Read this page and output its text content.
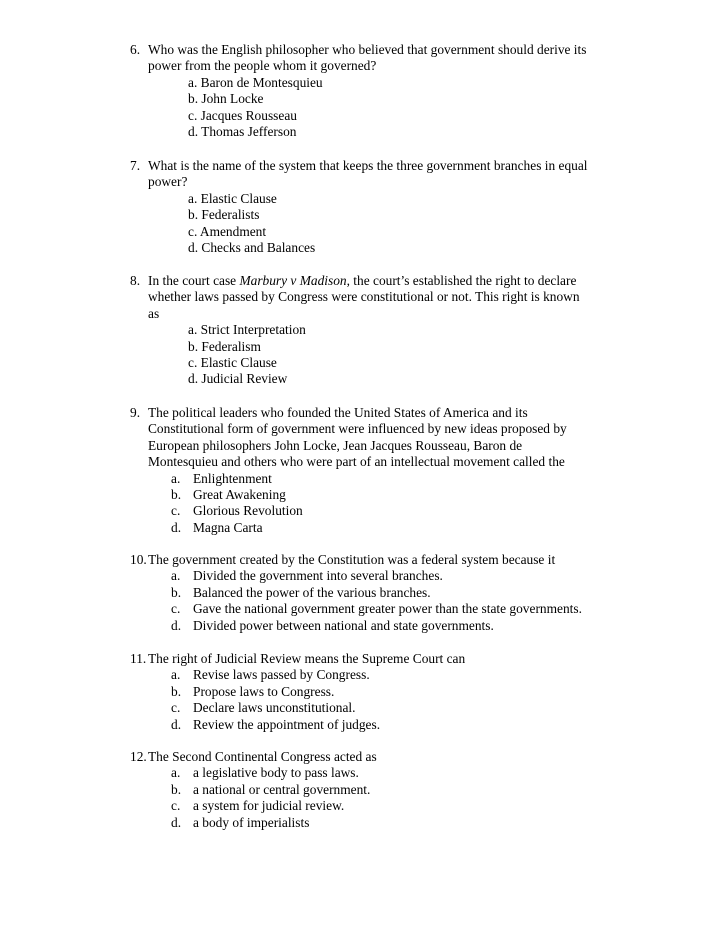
6. Who was the English philosopher who believed that government should derive its
power from the people whom it governed?
a. Baron de Montesquieu
b. John Locke
c. Jacques Rousseau
d. Thomas Jefferson
7. What is the name of the system that keeps the three government branches in equal
power?
a. Elastic Clause
b. Federalists
c. Amendment
d. Checks and Balances
8. In the court case Marbury v Madison, the court’s established the right to declare
whether laws passed by Congress were constitutional or not. This right is known
as
a. Strict Interpretation
b. Federalism
c. Elastic Clause
d. Judicial Review
9. The political leaders who founded the United States of America and its
Constitutional form of government were influenced by new ideas proposed by
European philosophers John Locke, Jean Jacques Rousseau, Baron de
Montesquieu and others who were part of an intellectual movement called the
a. Enlightenment
b. Great Awakening
c. Glorious Revolution
d. Magna Carta
10. The government created by the Constitution was a federal system because it
a. Divided the government into several branches.
b. Balanced the power of the various branches.
c. Gave the national government greater power than the state governments.
d. Divided power between national and state governments.
11. The right of Judicial Review means the Supreme Court can
a. Revise laws passed by Congress.
b. Propose laws to Congress.
c. Declare laws unconstitutional.
d. Review the appointment of judges.
12. The Second Continental Congress acted as
a. a legislative body to pass laws.
b. a national or central government.
c. a system for judicial review.
d. a body of imperialists
